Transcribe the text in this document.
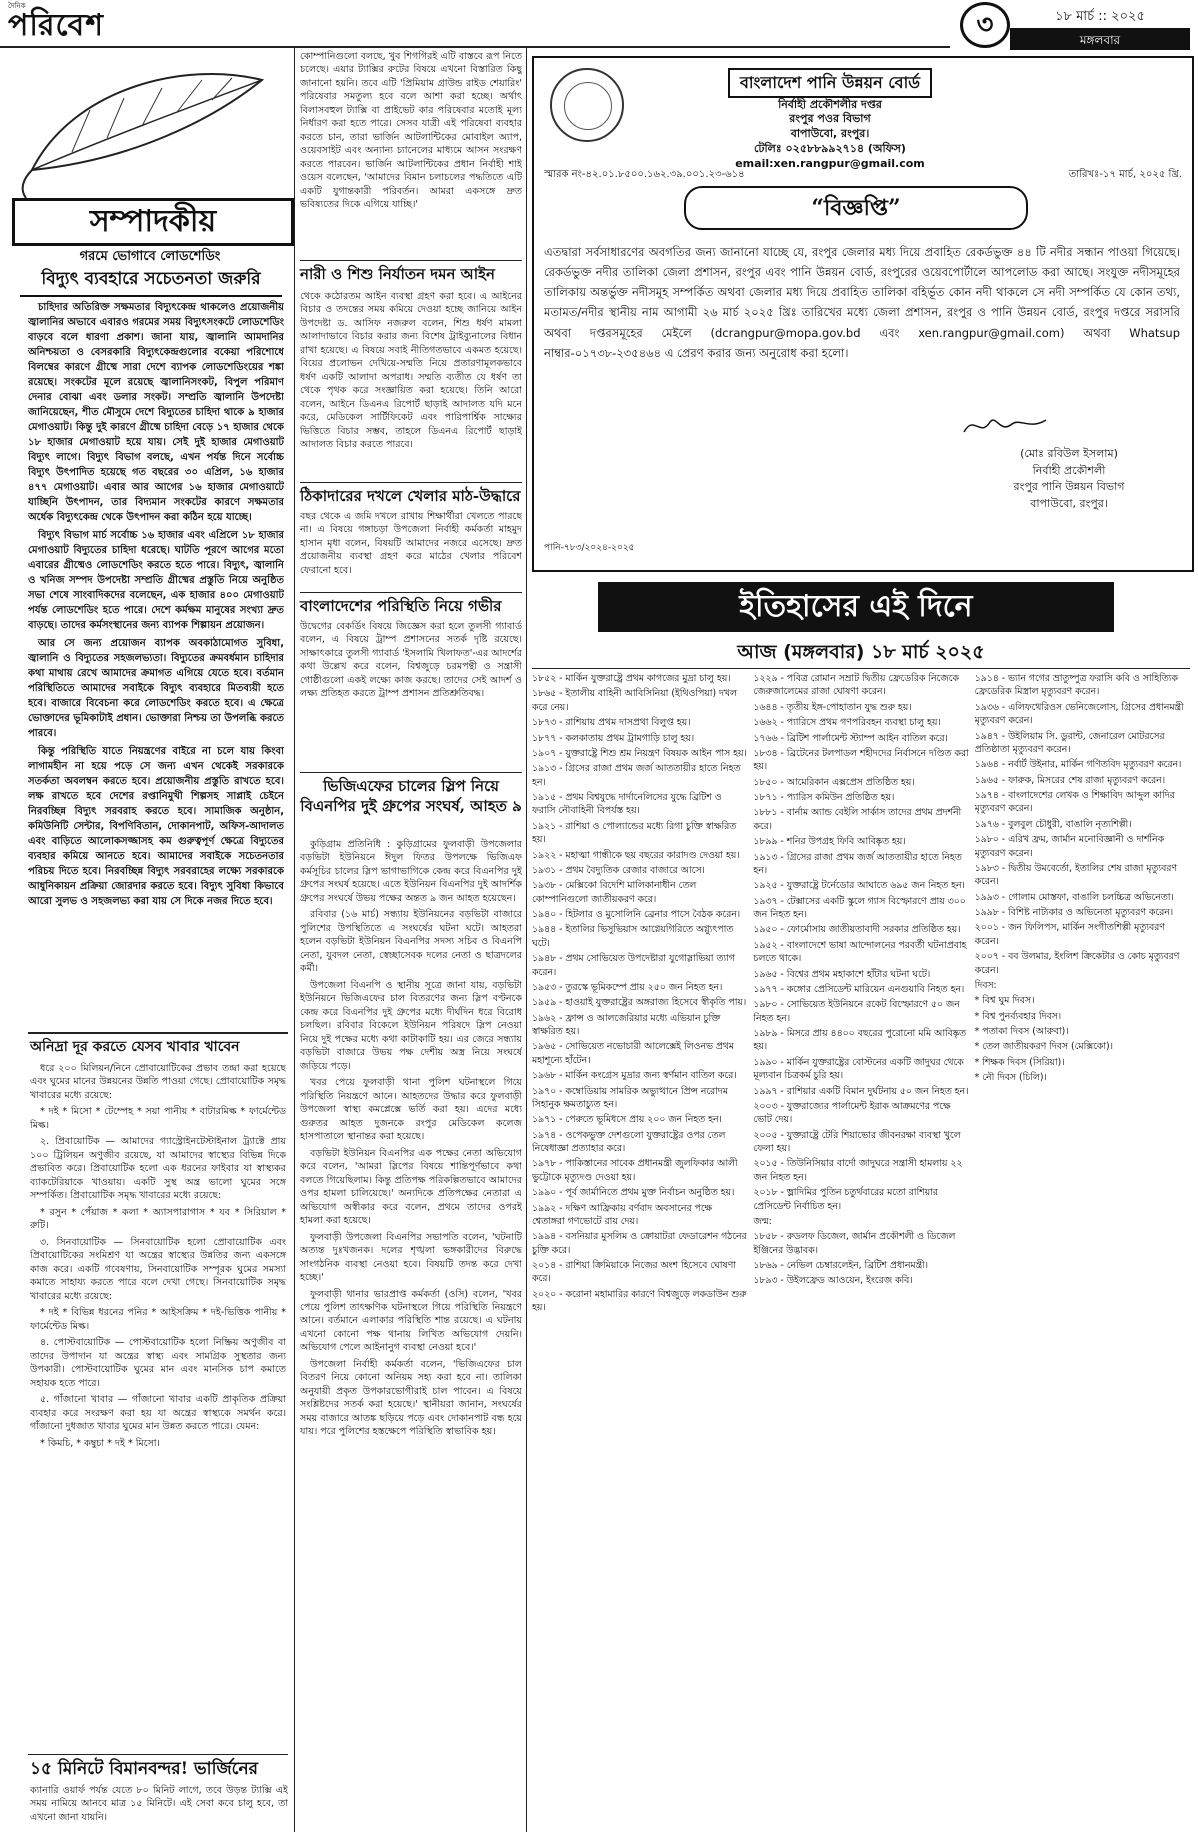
দৈনিক
পরিবেশ	৩	১৮ মার্চ :: ২০২৫
মঙ্গলবার
সম্পাদকীয়
গরমে ভোগাবে লোডশেডিং
বিদ্যুৎ ব্যবহারে সচেতনতা জরুরি

চাহিদার অতিরিক্ত সক্ষমতার বিদ্যুৎকেন্দ্র থাকলেও প্রয়োজনীয় জ্বালানির অভাবে এবারও গরমের সময় বিদ্যুৎসংকটে লোডশেডিং বাড়বে বলে ধারণা প্রকাশ। জানা যায়, জ্বালানি আমদানির অনিশ্চয়তা ও বেসরকারি বিদ্যুৎকেন্দ্রগুলোর বকেয়া পরিশোধে বিলম্বের কারণে গ্রীষ্মে সারা দেশে ব্যাপক লোডশেডিংয়ের শঙ্কা রয়েছে। সংকটের মূলে রয়েছে জ্বালানিসংকট, বিপুল পরিমাণ দেনার বোঝা এবং ডলার সংকট। সম্প্রতি জ্বালানি উপদেষ্টা জানিয়েছেন, শীত মৌসুমে দেশে বিদ্যুতের চাহিদা থাকে ৯ হাজার মেগাওয়াট। কিন্তু দুই কারণে গ্রীষ্মে চাহিদা বেড়ে ১৭ হাজার থেকে ১৮ হাজার মেগাওয়াট হয়ে যায়। সেই দুই হাজার মেগাওয়াট বিদ্যুৎ লাগে। বিদ্যুৎ বিভাগ বলছে, এখন পর্যন্ত দিনে সর্বোচ্চ বিদ্যুৎ উৎপাদিত হয়েছে গত বছরের ৩০ এপ্রিল, ১৬ হাজার ৪৭৭ মেগাওয়াট। এবার আর আগের ১৬ হাজার মেগাওয়াটে যাচ্ছিনি উৎপাদন, তার বিদ্যমান সংকটের কারণে সক্ষমতার অর্ধেক বিদ্যুৎকেন্দ্র থেকে উৎপাদন করা কঠিন হয়ে যাচ্ছে।

বিদ্যুৎ বিভাগ মার্চ সর্বোচ্চ ১৬ হাজার এবং এপ্রিলে ১৮ হাজার মেগাওয়াট বিদ্যুতের চাহিদা ধরেছে। ঘাটতি পূরণে আগের মতো এবারের গ্রীষ্মেও লোডশেডিং করতে হতে পারে। বিদ্যুৎ, জ্বালানি ও খনিজ সম্পদ উপদেষ্টা সম্প্রতি গ্রীষ্মের প্রস্তুতি নিয়ে অনুষ্ঠিত সভা শেষে সাংবাদিকদের বলেছেন, এক হাজার ৪০০ মেগাওয়াট পর্যন্ত লোডশেডিং হতে পারে। দেশে কর্মক্ষম মানুষের সংখ্যা দ্রুত বাড়ছে। তাদের কর্মসংস্থানের জন্য ব্যাপক শিল্পায়ন প্রয়োজন।

আর সে জন্য প্রয়োজন ব্যাপক অবকাঠামোগত সুবিধা, জ্বালানি ও বিদ্যুতের সহজলভ্যতা। বিদ্যুতের ক্রমবর্ধমান চাহিদার কথা মাথায় রেখে আমাদের ক্রমাগত এগিয়ে যেতে হবে। বর্তমান পরিস্থিতিতে আমাদের সবাইকে বিদ্যুৎ ব্যবহারে মিতব্যয়ী হতে হবে। বাজারে বিবেচনা করে লোডশেডিং করতে হবে। এ ক্ষেত্রে ভোক্তাদের ভূমিকাটাই প্রধান। ভোক্তারা নিশ্চয় তা উপলব্ধি করতে পারবে।

কিন্তু পরিস্থিতি যাতে নিয়ন্ত্রণের বাইরে না চলে যায় কিংবা লাগামহীন না হয়ে পড়ে সে জন্য এখন থেকেই সরকারকে সতর্কতা অবলম্বন করতে হবে। প্রয়োজনীয় প্রস্তুতি রাখতে হবে। লক্ষ রাখতে হবে দেশের রপ্তানিমুখী শিল্পসহ সাপ্লাই চেইনে নিরবচ্ছিন্ন বিদ্যুৎ সরবরাহ করতে হবে। সামাজিক অনুষ্ঠান, কমিউনিটি সেন্টার, বিপণিবিতান, দোকানপাট, অফিস-আদালত এবং বাড়িতে আলোকসজ্জাসহ কম গুরুত্বপূর্ণ ক্ষেত্রে বিদ্যুতের ব্যবহার কমিয়ে আনতে হবে। আমাদের সবাইকে সচেতনতার পরিচয় দিতে হবে। নিরবচ্ছিন্ন বিদ্যুৎ সরবরাহের লক্ষ্যে সরকারকে আধুনিকায়ন প্রক্রিয়া জোরদার করতে হবে। বিদ্যুৎ সুবিধা কিভাবে আরো সুলভ ও সহজলভ্য করা যায় সে দিকে নজর দিতে হবে।

অনিদ্রা দূর করতে যেসব খাবার খাবেন

ধরে ২০০ মিলিয়ন/নিনে প্রোবায়োটিকের প্রভাব তন্দ্রা করা হয়েছে এবং ঘুমের মানের উন্নয়নের উন্নতি পাওয়া গেছে। প্রোবায়োটিক সমৃদ্ধ খাবারের মধ্যে রয়েছে:

* দই * মিসো * টেম্পেহ * সয়া পানীয় * বাটারমিল্ক * ফার্মেন্টেড মিল্ক।

২. প্রিবায়োটিক — আমাদের গ্যাস্ট্রোইনটেস্টাইনাল ট্র্যাক্টে প্রায় ১০০ ট্রিলিয়ন অণুজীব রয়েছে, যা আমাদের স্বাস্থ্যের বিভিন্ন দিকে প্রভাবিত করে। প্রিবায়োটিক হলো এক ধরনের ফাইবার যা স্বাস্থ্যকর ব্যাকটেরিয়াকে খাওয়ায়। একটি সুস্থ অন্ত্র ভালো ঘুমের সঙ্গে সম্পর্কিত। প্রিবায়োটিক সমৃদ্ধ খাবারের মধ্যে রয়েছে:

* রসুন * পেঁয়াজ * কলা * অ্যাসপারাগাস * যব * সিরিয়াল * রুটি।

৩. সিনবায়োটিক — সিনবায়োটিক হলো প্রোবায়োটিক এবং প্রিবায়োটিকের সংমিশ্রণ যা অন্ত্রের স্বাস্থ্যের উন্নতির জন্য একসঙ্গে কাজ করে। একটি গবেষণায়, সিনবায়োটিক সম্পূরক ঘুমের সমস্যা কমাতে সাহায্য করতে পারে বলে দেখা গেছে। সিনবায়োটিক সমৃদ্ধ খাবারের মধ্যে রয়েছে:

* দই * বিভিন্ন ধরনের পনির * আইসক্রিম * দই-ভিত্তিক পানীয় * ফার্মেন্টেড মিল্ক।

৪. পোস্টবায়োটিক — পোস্টবায়োটিক হলো নিষ্ক্রিয় অণুজীব বা তাদের উপাদান যা অন্ত্রের স্বাস্থ্য এবং সামগ্রিক সুস্থতার জন্য উপকারী। পোস্টবায়োটিক ঘুমের মান এবং মানসিক চাপ কমাতে সহায়ক হতে পারে।

৫. গাঁজানো খাবার — গাঁজানো খাবার একটি প্রাকৃতিক প্রক্রিয়া ব্যবহার করে সংরক্ষণ করা হয় যা অন্ত্রের স্বাস্থ্যকে সমর্থন করে। গাঁজানো দুধজাত খাবার ঘুমের মান উন্নত করতে পারে। যেমন:

* কিমচি, * কম্বুচা * দই * মিসো।

১৫ মিনিটে বিমানবন্দর! ভার্জিনের
ক্যানারি ওয়ার্ফ পর্যন্ত যেতে ৮০ মিনিট লাগে, তবে উড়ন্ত ট্যাক্সি এই সময় নামিয়ে আনবে মাত্র ১৫ মিনিটে। এই সেবা কবে চালু হবে, তা এখনো জানা যায়নি।
কোম্পানিগুলো বলছে, খুব শিগগিরই এটি বাস্তবে রূপ নিতে চলেছে। এয়ার ট্যাক্সির রুটের বিষয়ে এখনো বিস্তারিত কিছু জানানো হয়নি। তবে এটি 'প্রিমিয়াম গ্রাউন্ড রাইড শেয়ারিং' পরিষেবার সমতুল্য হবে বলে আশা করা হচ্ছে। অর্থাৎ বিলাসবহুল ট্যাক্সি বা প্রাইভেট কার পরিষেবার মতোই মূল্য নির্ধারণ করা হতে পারে। সেসব যাত্রী এই পরিষেবা ব্যবহার করতে চান, তারা ভার্জিন আটলান্টিকের মোবাইল অ্যাপ, ওয়েবসাইট এবং অন্যান্য চ্যানেলের মাধ্যমে আসন সংরক্ষণ করতে পারবেন। ভার্জিন আটলান্টিকের প্রধান নির্বাহী শাই ওয়েস বলেছেন, 'আমাদের বিমান চলাচলের পদ্ধতিতে এটি একটি যুগান্তকারী পরিবর্তন। আমরা একসঙ্গে দ্রুত ভবিষ্যতের দিকে এগিয়ে যাচ্ছি।'
নারী ও শিশু নির্যাতন দমন আইন
থেকে কঠোরতম আইন ব্যবস্থা গ্রহণ করা হবে। এ আইনের বিচার ও তদন্তের সময় কমিয়ে দেওয়া হচ্ছে জানিয়ে আইন উপদেষ্টা ড. আসিফ নজরুল বলেন, শিশু ধর্ষণ মামলা আলাদাভাবে বিচার করার জন্য বিশেষ ট্রাইব্যুনালের বিধান রাখা হয়েছে। এ বিষয়ে সবাই নীতিগতভাবে একমত হয়েছে। বিয়ের প্রলোভন দেখিয়ে-সম্মতি নিয়ে প্রতারণামূলকভাবে ধর্ষণ একটি আলাদা অপরাধ। সম্মতি ব্যতীত যে ধর্ষণ তা থেকে পৃথক করে সংজ্ঞায়িত করা হয়েছে। তিনি আরো বলেন, আইনে ডিএনএ রিপোর্ট ছাড়াই আদালত যদি মনে করে, মেডিকেল সার্টিফিকেট এবং পারিপার্শ্বিক সাক্ষ্যের ভিত্তিতে বিচার সম্ভব, তাহলে ডিএনএ রিপোর্ট ছাড়াই আদালত বিচার করতে পারবে।
ঠিকাদারের দখলে খেলার মাঠ-উদ্ধারে
বছর থেকে এ জমি দখলে রাখায় শিক্ষার্থীরা খেলতে পারছে না। এ বিষয়ে গঙ্গাচড়া উপজেলা নির্বাহী কর্মকর্তা মাহমুদ হাসান মৃধা বলেন, বিষয়টি আমাদের নজরে এসেছে। দ্রুত প্রয়োজনীয় ব্যবস্থা গ্রহণ করে মাঠের খেলার পরিবেশ ফেরানো হবে।
বাংলাদেশের পরিস্থিতি নিয়ে গভীর
উদ্বেগের বেকর্ডিং বিষয়ে জিজ্ঞেস করা হলে তুলসী গ্যাবার্ড বলেন, এ বিষয়ে ট্রাম্প প্রশাসনের সতর্ক দৃষ্টি রয়েছে। সাক্ষাৎকারে তুলসী গ্যাবার্ড 'ইসলামি খিলাফত'-এর আদর্শের কথা উল্লেখ করে বলেন, বিশ্বজুড়ে চরমপন্থী ও সন্ত্রাসী গোষ্ঠীগুলো একই লক্ষ্যে কাজ করছে। তাদের সেই আদর্শ ও লক্ষ্য প্রতিহত করতে ট্রাম্প প্রশাসন প্রতিশ্রুতিবদ্ধ।
ভিজিএফের চালের স্লিপ নিয়ে বিএনপির দুই গ্রুপের সংঘর্ষ, আহত ৯

কুড়িগ্রাম প্রতিনিধি : কুড়িগ্রামের ফুলবাড়ী উপজেলার বড়ভিটা ইউনিয়নে ঈদুল ফিতর উপলক্ষে ভিজিএফ কর্মসূচির চালের স্লিপ ভাগাভাগিকে কেন্দ্র করে বিএনপির দুই গ্রুপের সংঘর্ষ হয়েছে। এতে ইউনিয়ন বিএনপির দুই আদর্শিক গ্রুপের সংঘর্ষে উভয় পক্ষের অন্তত ৯ জন আহত হয়েছেন।

রবিবার (১৬ মার্চ) সন্ধ্যায় ইউনিয়নের বড়ভিটা বাজারে পুলিশের উপস্থিতিতে এ সংঘর্ষের ঘটনা ঘটে। আহতরা হলেন বড়ভিটা ইউনিয়ন বিএনপির সদস্য সচিব ও বিএনপি নেতা, যুবদল নেতা, স্বেচ্ছাসেবক দলের নেতা ও ছাত্রদলের কর্মী।

উপজেলা বিএনপি ও স্থানীয় সূত্রে জানা যায়, বড়ভিটা ইউনিয়নে ভিজিএফের চাল বিতরণের জন্য স্লিপ বণ্টনকে কেন্দ্র করে বিএনপির দুই গ্রুপের মধ্যে দীর্ঘদিন ধরে বিরোধ চলছিল। রবিবার বিকেলে ইউনিয়ন পরিষদে স্লিপ নেওয়া নিয়ে দুই পক্ষের মধ্যে কথা কাটাকাটি হয়। এর জেরে সন্ধ্যায় বড়ভিটা বাজারে উভয় পক্ষ দেশীয় অস্ত্র নিয়ে সংঘর্ষে জড়িয়ে পড়ে।

খবর পেয়ে ফুলবাড়ী থানা পুলিশ ঘটনাস্থলে গিয়ে পরিস্থিতি নিয়ন্ত্রণে আনে। আহতদের উদ্ধার করে ফুলবাড়ী উপজেলা স্বাস্থ্য কমপ্লেক্সে ভর্তি করা হয়। এদের মধ্যে গুরুতর আহত দুজনকে রংপুর মেডিকেল কলেজ হাসপাতালে স্থানান্তর করা হয়েছে।

বড়ভিটা ইউনিয়ন বিএনপির এক পক্ষের নেতা অভিযোগ করে বলেন, 'আমরা স্লিপের বিষয়ে শান্তিপূর্ণভাবে কথা বলতে গিয়েছিলাম। কিন্তু প্রতিপক্ষ পরিকল্পিতভাবে আমাদের ওপর হামলা চালিয়েছে।' অন্যদিকে প্রতিপক্ষের নেতারা এ অভিযোগ অস্বীকার করে বলেন, প্রথমে তাদের ওপরই হামলা করা হয়েছে।

ফুলবাড়ী উপজেলা বিএনপির সভাপতি বলেন, 'ঘটনাটি অত্যন্ত দুঃখজনক। দলের শৃঙ্খলা ভঙ্গকারীদের বিরুদ্ধে সাংগঠনিক ব্যবস্থা নেওয়া হবে। বিষয়টি তদন্ত করে দেখা হচ্ছে।'

ফুলবাড়ী থানার ভারপ্রাপ্ত কর্মকর্তা (ওসি) বলেন, 'খবর পেয়ে পুলিশ তাৎক্ষণিক ঘটনাস্থলে গিয়ে পরিস্থিতি নিয়ন্ত্রণে আনে। বর্তমানে এলাকার পরিস্থিতি শান্ত রয়েছে। এ ঘটনায় এখনো কোনো পক্ষ থানায় লিখিত অভিযোগ দেয়নি। অভিযোগ পেলে আইনানুগ ব্যবস্থা নেওয়া হবে।'

উপজেলা নির্বাহী কর্মকর্তা বলেন, 'ভিজিএফের চাল বিতরণ নিয়ে কোনো অনিয়ম সহ্য করা হবে না। তালিকা অনুযায়ী প্রকৃত উপকারভোগীরাই চাল পাবেন। এ বিষয়ে সংশ্লিষ্টদের সতর্ক করা হয়েছে।' স্থানীয়রা জানান, সংঘর্ষের সময় বাজারে আতঙ্ক ছড়িয়ে পড়ে এবং দোকানপাট বন্ধ হয়ে যায়। পরে পুলিশের হস্তক্ষেপে পরিস্থিতি স্বাভাবিক হয়।

বাংলাদেশ পানি উন্নয়ন বোর্ড
নির্বাহী প্রকৌশলীর দপ্তর
রংপুর পওর বিভাগ
বাপাউবো, রংপুর।
টেলিঃ ০২৫৮৮৯৯২৭১৪ (অফিস)
email:xen.rangpur@gmail.com
স্মারক নং-৪২.০১.৮৫০০.১৬২.৩৯.০০১.২৩-৬১৪	তারিখঃ-১৭ মার্চ, ২০২৫ খ্রি.
“বিজ্ঞপ্তি”
এতদ্বারা সর্বসাধারণের অবগতির জন্য জানানো যাচ্ছে যে, রংপুর জেলার মধ্য দিয়ে প্রবাহিত রেকর্ডভুক্ত ৪৪ টি নদীর সন্ধান পাওয়া গিয়েছে। রেকর্ডভুক্ত নদীর তালিকা জেলা প্রশাসন, রংপুর এবং পানি উন্নয়ন বোর্ড, রংপুরের ওয়েবপোর্টালে আপলোড করা আছে। সংযুক্ত নদীসমূহের তালিকায় অন্তর্ভুক্ত নদীসমূহ সম্পর্কিত অথবা জেলার মধ্য দিয়ে প্রবাহিত তালিকা বহির্ভূত কোন নদী থাকলে সে নদী সম্পর্কিত যে কোন তথ্য, মতামত/নদীর স্থানীয় নাম আগামী ২৬ মার্চ ২০২৫ খ্রিঃ তারিখের মধ্যে জেলা প্রশাসন, রংপুর ও পানি উন্নয়ন বোর্ড, রংপুর দপ্তরে সরাসরি অথবা দপ্তরসমূহের মেইলে (dcrangpur@mopa.gov.bd এবং xen.rangpur@gmail.com) অথবা Whatsup নাম্বার-০১৭৩৮-২৩৫৪৬৪ এ প্রেরণ করার জন্য অনুরোধ করা হলো।
(মোঃ রবিউল ইসলাম)
নির্বাহী প্রকৌশলী
রংপুর পানি উন্নয়ন বিভাগ
বাপাউবো, রংপুর।
পানি-৭৮৩/২০২৪-২০২৫
ইতিহাসের এই দিনে
আজ (মঙ্গলবার) ১৮ মার্চ ২০২৫
১৮৫২ - মার্কিন যুক্তরাষ্ট্রে প্রথম কাগজের মুদ্রা চালু হয়।
১৮৬৫ - ইতালীয় বাহিনী আবিসিনিয়া (ইথিওপিয়া) দখল করে নেয়।
১৮৭৩ - রাশিয়ায় প্রথম দাসপ্রথা বিলুপ্ত হয়।
১৮৭৭ - কলকাতায় প্রথম ট্রামগাড়ি চালু হয়।
১৯০৭ - যুক্তরাষ্ট্রে শিশু শ্রম নিয়ন্ত্রণ বিষয়ক আইন পাস হয়।
১৯১৩ - গ্রিসের রাজা প্রথম জর্জ আততায়ীর হাতে নিহত হন।
১৯১৫ - প্রথম বিশ্বযুদ্ধে দার্দানেলিসের যুদ্ধে ব্রিটিশ ও ফরাসি নৌবাহিনী বিপর্যস্ত হয়।
১৯২১ - রাশিয়া ও পোল্যান্ডের মধ্যে রিগা চুক্তি স্বাক্ষরিত হয়।
১৯২২ - মহাত্মা গান্ধীকে ছয় বছরের কারাদণ্ড দেওয়া হয়।
১৯৩১ - প্রথম বৈদ্যুতিক রেজার বাজারে আসে।
১৯৩৮ - মেক্সিকো বিদেশি মালিকানাধীন তেল কোম্পানিগুলো জাতীয়করণ করে।
১৯৪০ - হিটলার ও মুসোলিনি ব্রেনার পাসে বৈঠক করেন।
১৯৪৪ - ইতালির ভিসুভিয়াস আগ্নেয়গিরিতে অগ্ন্যুৎপাত ঘটে।
১৯৪৮ - প্রথম সোভিয়েত উপদেষ্টারা যুগোস্লাভিয়া ত্যাগ করেন।
১৯৫৩ - তুরস্কে ভূমিকম্পে প্রায় ২৫০ জন নিহত হন।
১৯৫৯ - হাওয়াই যুক্তরাষ্ট্রের অঙ্গরাজ্য হিসেবে স্বীকৃতি পায়।
১৯৬২ - ফ্রান্স ও আলজেরিয়ার মধ্যে এভিয়ান চুক্তি স্বাক্ষরিত হয়।
১৯৬৫ - সোভিয়েত নভোচারী আলেক্সেই লিওনভ প্রথম মহাশূন্যে হাঁটেন।
১৯৬৮ - মার্কিন কংগ্রেস মুদ্রার জন্য স্বর্ণমান বাতিল করে।
১৯৭০ - কম্বোডিয়ায় সামরিক অভ্যুত্থানে প্রিন্স নরোদম সিহানুক ক্ষমতাচ্যুত হন।
১৯৭১ - পেরুতে ভূমিধসে প্রায় ২০০ জন নিহত হন।
১৯৭৪ - ওপেকভুক্ত দেশগুলো যুক্তরাষ্ট্রের ওপর তেল নিষেধাজ্ঞা প্রত্যাহার করে।
১৯৭৮ - পাকিস্তানের সাবেক প্রধানমন্ত্রী জুলফিকার আলী ভুট্টোকে মৃত্যুদণ্ড দেওয়া হয়।
১৯৯০ - পূর্ব জার্মানিতে প্রথম মুক্ত নির্বাচন অনুষ্ঠিত হয়।
১৯৯২ - দক্ষিণ আফ্রিকায় বর্ণবাদ অবসানের পক্ষে শ্বেতাঙ্গরা গণভোটে রায় দেয়।
১৯৯৪ - বসনিয়ার মুসলিম ও ক্রোয়াটরা ফেডারেশন গঠনের চুক্তি করে।
২০১৪ - রাশিয়া ক্রিমিয়াকে নিজের অংশ হিসেবে ঘোষণা করে।
২০২০ - করোনা মহামারির কারণে বিশ্বজুড়ে লকডাউন শুরু হয়।
১২২৯ - পবিত্র রোমান সম্রাট দ্বিতীয় ফ্রেডেরিক নিজেকে জেরুজালেমের রাজা ঘোষণা করেন।
১৬৪৪ - তৃতীয় ইঙ্গ-পোহাতান যুদ্ধ শুরু হয়।
১৬৬২ - প্যারিসে প্রথম গণপরিবহন ব্যবস্থা চালু হয়।
১৭৬৬ - ব্রিটিশ পার্লামেন্ট স্ট্যাম্প আইন বাতিল করে।
১৮৩৪ - ব্রিটেনের টলপাডল শহীদদের নির্বাসনে দণ্ডিত করা হয়।
১৮৫০ - আমেরিকান এক্সপ্রেস প্রতিষ্ঠিত হয়।
১৮৭১ - প্যারিস কমিউন প্রতিষ্ঠিত হয়।
১৮৮১ - বার্নাম অ্যান্ড বেইলি সার্কাস তাদের প্রথম প্রদর্শনী করে।
১৮৯৯ - শনির উপগ্রহ ফিবি আবিষ্কৃত হয়।
১৯১৩ - গ্রিসের রাজা প্রথম জর্জ আততায়ীর হাতে নিহত হন।
১৯২৫ - যুক্তরাষ্ট্রে টর্নেডোর আঘাতে ৬৯৫ জন নিহত হন।
১৯৩৭ - টেক্সাসের একটি স্কুলে গ্যাস বিস্ফোরণে প্রায় ৩০০ জন নিহত হন।
১৯৫০ - ফোর্মোসায় জাতীয়তাবাদী সরকার প্রতিষ্ঠিত হয়।
১৯৫২ - বাংলাদেশে ভাষা আন্দোলনের পরবর্তী ঘটনাপ্রবাহ চলতে থাকে।
১৯৬৫ - বিশ্বের প্রথম মহাকাশে হাঁটার ঘটনা ঘটে।
১৯৭৭ - কঙ্গোর প্রেসিডেন্ট মারিয়েন এনগুয়াবি নিহত হন।
১৯৮০ - সোভিয়েত ইউনিয়নে রকেট বিস্ফোরণে ৫০ জন নিহত হন।
১৯৮৯ - মিসরে প্রায় ৪৪০০ বছরের পুরোনো মমি আবিষ্কৃত হয়।
১৯৯০ - মার্কিন যুক্তরাষ্ট্রের বোস্টনের একটি জাদুঘর থেকে মূল্যবান চিত্রকর্ম চুরি হয়।
১৯৯৭ - রাশিয়ার একটি বিমান দুর্ঘটনায় ৫০ জন নিহত হন।
২০০৩ - যুক্তরাজ্যের পার্লামেন্ট ইরাক আক্রমণের পক্ষে ভোট দেয়।
২০০৫ - যুক্তরাষ্ট্রে টেরি শিয়াভোর জীবনরক্ষা ব্যবস্থা খুলে ফেলা হয়।
২০১৫ - তিউনিসিয়ার বার্দো জাদুঘরে সন্ত্রাসী হামলায় ২২ জন নিহত হন।
২০১৮ - ভ্লাদিমির পুতিন চতুর্থবারের মতো রাশিয়ার প্রেসিডেন্ট নির্বাচিত হন।
জন্ম:
১৮৫৮ - রুডলফ ডিজেল, জার্মান প্রকৌশলী ও ডিজেল ইঞ্জিনের উদ্ভাবক।
১৮৬৯ - নেভিল চেম্বারলেইন, ব্রিটিশ প্রধানমন্ত্রী।
১৮৯৩ - উইলফ্রেড আওয়েন, ইংরেজ কবি।
১৯১৪ - ভ্যান গগের ভ্রাতুষ্পুত্র ফরাসি কবি ও সাহিত্যিক ফ্রেডেরিক মিস্ত্রাল মৃত্যুবরণ করেন।
১৯৩৬ - এলিফথেরিওস ভেনিজেলোস, গ্রিসের প্রধানমন্ত্রী মৃত্যুবরণ করেন।
১৯৪৭ - উইলিয়াম সি. ডুরান্ট, জেনারেল মোটরসের প্রতিষ্ঠাতা মৃত্যুবরণ করেন।
১৯৬৪ - নর্বার্ট উইনার, মার্কিন গণিতবিদ মৃত্যুবরণ করেন।
১৯৬৫ - ফারুক, মিসরের শেষ রাজা মৃত্যুবরণ করেন।
১৯৭৪ - বাংলাদেশের লেখক ও শিক্ষাবিদ আব্দুল কাদির মৃত্যুবরণ করেন।
১৯৭৬ - বুলবুল চৌধুরী, বাঙালি নৃত্যশিল্পী।
১৯৮০ - এরিখ ফ্রম, জার্মান মনোবিজ্ঞানী ও দার্শনিক মৃত্যুবরণ করেন।
১৯৮৩ - দ্বিতীয় উমবের্তো, ইতালির শেষ রাজা মৃত্যুবরণ করেন।
১৯৯৩ - গোলাম মোস্তফা, বাঙালি চলচ্চিত্র অভিনেতা।
১৯৯৮ - বিশিষ্ট নাট্যকার ও অভিনেতা মৃত্যুবরণ করেন।
২০০১ - জন ফিলিপস, মার্কিন সংগীতশিল্পী মৃত্যুবরণ করেন।
২০০৭ - বব উলমার, ইংলিশ ক্রিকেটার ও কোচ মৃত্যুবরণ করেন।
দিবস:
* বিশ্ব ঘুম দিবস।
* বিশ্ব পুনর্ব্যবহার দিবস।
* পতাকা দিবস (আরুবা)।
* তেল জাতীয়করণ দিবস (মেক্সিকো)।
* শিক্ষক দিবস (সিরিয়া)।
* নৌ দিবস (চিলি)।
